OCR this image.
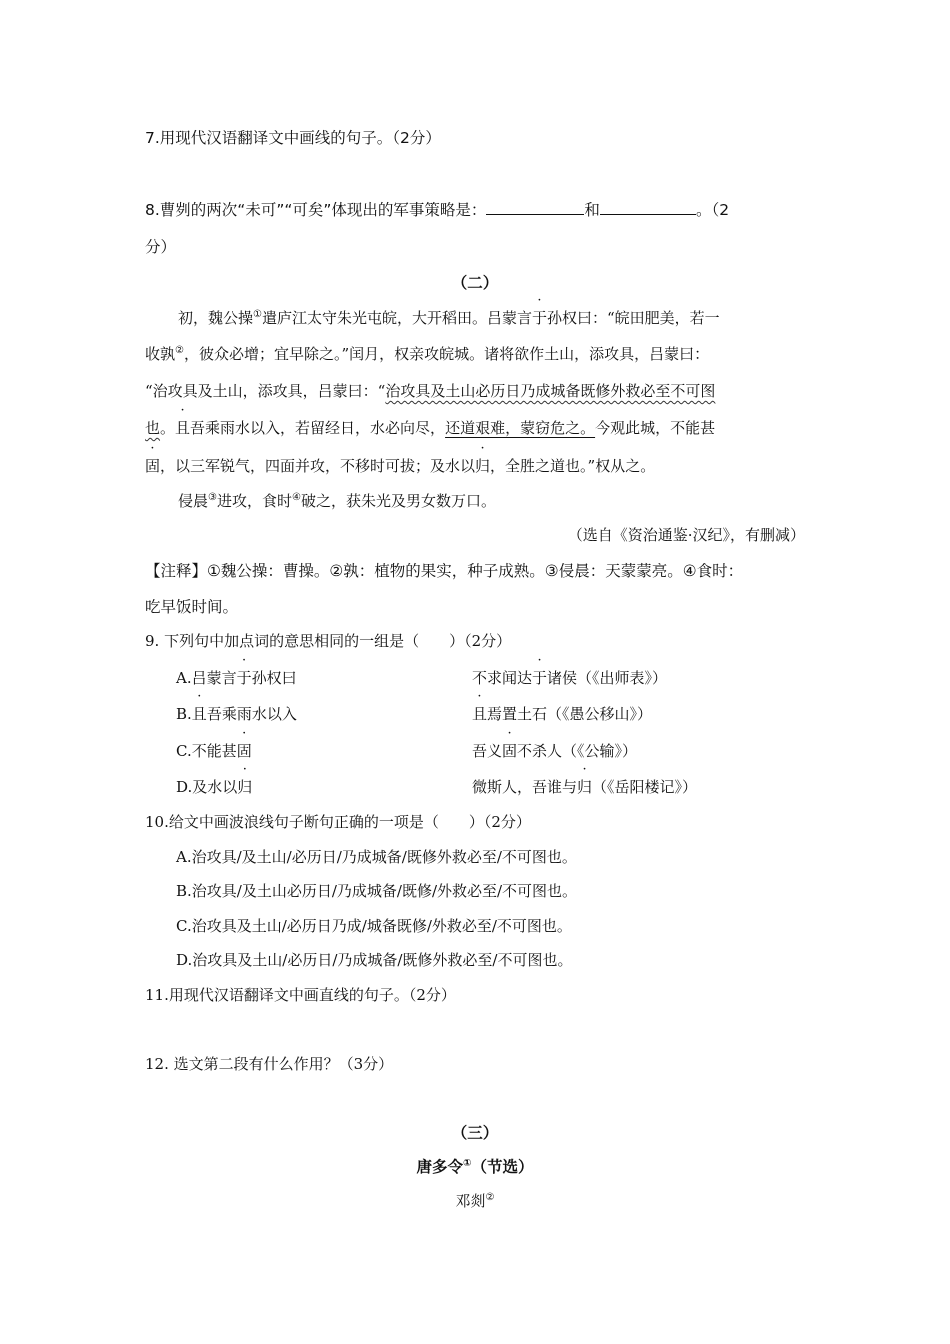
7.用现代汉语翻译文中画线的句子。（2分）
8.曹刿的两次“未可”“可矣”体现出的军事策略是：	和	。（2
分）
（二）
初，魏公操①遣庐江太守朱光屯皖，大开稻田。吕蒙言于孙权曰：“皖田肥美，若一
收孰②，彼众必增；宜早除之。”闰月，权亲攻皖城。诸将欲作土山，添攻具，吕蒙曰：
“治攻具及土山，添攻具，吕蒙曰：“治攻具及土山必历日乃成城备既修外救必至不可图
也。且吾乘雨水以入，若留经日，水必向尽，还道艰难，蒙窃危之。今观此城，不能甚
固，以三军锐气，四面并攻，不移时可拔；及水以归，全胜之道也。”权从之。
侵晨③进攻，食时④破之，获朱光及男女数万口。
（选自《资治通鉴·汉纪》，有删减）
【注释】①魏公操：曹操。②孰：植物的果实，种子成熟。③侵晨：天蒙蒙亮。④食时：
吃早饭时间。
9. 下列句中加点词的意思相同的一组是（　　）（2分）
A.吕蒙言于孙权曰	不求闻达于诸侯（《出师表》）
B.且吾乘雨水以入	且焉置土石（《愚公移山》）
C.不能甚固	吾义固不杀人（《公输》）
D.及水以归	微斯人，吾谁与归（《岳阳楼记》）
10.给文中画波浪线句子断句正确的一项是（　　）（2分）
A.治攻具/及土山/必历日/乃成城备/既修外救必至/不可图也。
B.治攻具/及土山必历日/乃成城备/既修/外救必至/不可图也。
C.治攻具及土山/必历日乃成/城备既修/外救必至/不可图也。
D.治攻具及土山/必历日/乃成城备/既修外救必至/不可图也。
11.用现代汉语翻译文中画直线的句子。（2分）
12. 选文第二段有什么作用？（3分）
（三）
唐多令①（节选）
邓剡②
